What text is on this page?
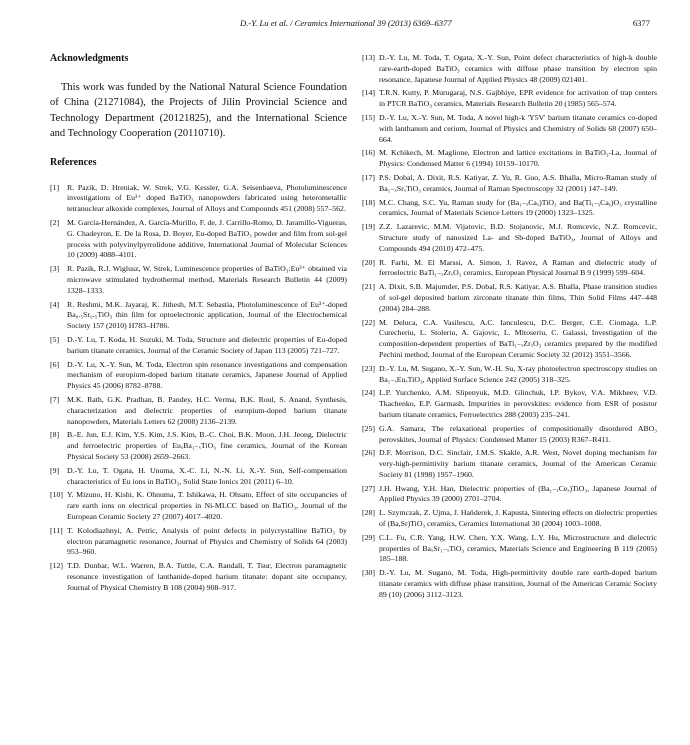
D.-Y. Lu et al. / Ceramics International 39 (2013) 6369–6377	6377
Acknowledgments

This work was funded by the National Natural Science Foundation of China (21271084), the Projects of Jilin Provincial Science and Technology Department (20121825), and the International Science and Technology Cooperation (20110710).

References
[1] R. Pazik, D. Hreniak, W. Strek, V.G. Kessler, G.A. Seisenbaeva, Photoluminescence investigations of Eu³⁺ doped BaTiO₃ nanopowders fabricated using heterometallic tetranuclear alkoxide complexes, Journal of Alloys and Compounds 451 (2008) 557–562.
[2] M. García-Hernández, A. García-Murillo, F. de, J. Carrillo-Romo, D. Jaramillo-Vigueras, G. Chadeyron, E. De la Rosa, D. Boyer, Eu-doped BaTiO₃ powder and film from sol-gel process with polyvinylpyrrolidone additive, International Journal of Molecular Sciences 10 (2009) 4088–4101.
[3] R. Pazik, R.J. Wiglusz, W. Strek, Luminescence properties of BaTiO₃:Eu³⁺ obtained via microwave stimulated hydrothermal method, Materials Research Bulletin 44 (2009) 1328–1333.
[4] R. Reshmi, M.K. Jayaraj, K. Jithesh, M.T. Sebastia, Photoluminescence of Eu³⁺-doped Ba₀.₅Sr₀.₅TiO₃ thin film for optoelectronic application, Journal of the Electrochemical Society 157 (2010) H783–H786.
[5] D.-Y. Lu, T. Koda, H. Suzuki, M. Toda, Structure and dielectric properties of Eu-doped barium titanate ceramics, Journal of the Ceramic Society of Japan 113 (2005) 721–727.
[6] D.-Y. Lu, X.-Y. Sun, M. Toda, Electron spin resonance investigations and compensation mechanism of europium-doped barium titanate ceramics, Japanese Journal of Applied Physics 45 (2006) 8782–8788.
[7] M.K. Rath, G.K. Pradhan, B. Pandey, H.C. Verma, B.K. Roul, S. Anand, Synthesis, characterization and dielectric properties of europium-doped barium titanate nanopowders, Materials Letters 62 (2008) 2136–2139.
[8] B.-E. Jun, E.J. Kim, Y.S. Kim, J.S. Kim, B.-C. Choi, B.K. Moon, J.H. Jeong, Dielectric and ferroelectric properties of EuₓBa₁₋ₓTiO₃ fine ceramics, Journal of the Korean Physical Society 53 (2008) 2659–2663.
[9] D.-Y. Lu, T. Ogata, H. Unuma, X.-C. Li, N.-N. Li, X.-Y. Sun, Self-compensation characteristics of Eu ions in BaTiO₃, Solid State Ionics 201 (2011) 6–10.
[10] Y. Mizuno, H. Kishi, K. Ohnuma, T. Ishikawa, H. Ohsato, Effect of site occupancies of rare earth ions on electrical properties in Ni-MLCC based on BaTiO₃, Journal of the European Ceramic Society 27 (2007) 4017–4020.
[11] T. Kolodiazhnyi, A. Petric, Analysis of point defects in polycrystalline BaTiO₃ by electron paramagnetic resonance, Journal of Physics and Chemistry of Solids 64 (2003) 953–960.
[12] T.D. Dunbar, W.L. Warren, B.A. Tuttle, C.A. Randall, T. Tsur, Electron paramagnetic resonance investigation of lanthanide-doped barium titanate: dopant site occupancy, Journal of Physical Chemistry B 108 (2004) 908–917.
[13] D.-Y. Lu, M. Toda, T. Ogata, X.-Y. Sun, Point defect characteristics of high-k double rare-earth-doped BaTiO₃ ceramics with diffuse phase transition by electron spin resonance, Japanese Journal of Applied Physics 48 (2009) 021401.
[14] T.R.N. Kutty, P. Murugaraj, N.S. Gajbhiye, EPR evidence for activation of trap centers in PTCR BaTiO₃ ceramics, Materials Research Bulletin 20 (1985) 565–574.
[15] D.-Y. Lu, X.-Y. Sun, M. Toda, A novel high-k 'Y5V' barium titanate ceramics co-doped with lanthanum and cerium, Journal of Physics and Chemistry of Solids 68 (2007) 650–664.
[16] M. Kchikech, M. Maglione, Electron and lattice excitations in BaTiO₃-La, Journal of Physics: Condensed Matter 6 (1994) 10159–10170.
[17] P.S. Dobal, A. Dixit, R.S. Katiyar, Z. Yu, R. Guo, A.S. Bhalla, Micro-Raman study of Ba₁₋ₓSrₓTiO₃ ceramics, Journal of Raman Spectroscopy 32 (2001) 147–149.
[18] M.C. Chang, S.C. Yu, Raman study for (Ba₁₋ₓCaₓ)TiO₃ and Ba(Ti₁₋ᵧCaᵧ)O₃ crystalline ceramics, Journal of Materials Science Letters 19 (2000) 1323–1325.
[19] Z.Z. Lazarevic, M.M. Vijatovic, B.D. Stojanovic, M.J. Romcevic, N.Z. Romcevic, Structure study of nanosized La- and Sb-doped BaTiO₃, Journal of Alloys and Compounds 494 (2010) 472–475.
[20] R. Farhi, M. El Marssi, A. Simon, J. Ravez, A Raman and dielectric study of ferroelectric BaTi₁₋ₓZrₓO₃ ceramics, European Physical Journal B 9 (1999) 599–604.
[21] A. Dixit, S.B. Majumder, P.S. Dobal, R.S. Katiyar, A.S. Bhalla, Phase transition studies of sol-gel deposited barium zirconate titanate thin films, Thin Solid Films 447–448 (2004) 284–288.
[22] M. Deluca, C.A. Vasilescu, A.C. Ianculescu, D.C. Berger, C.E. Ciomaga, L.P. Curecheriu, L. Stoleriu, A. Gajovic, L. Mitoseriu, C. Galassi, Investigation of the composition-dependent properties of BaTi₁₋ₓZrₓO₃ ceramics prepared by the modified Pechini method, Journal of the European Ceramic Society 32 (2012) 3551–3566.
[23] D.-Y. Lu, M. Sugano, X.-Y. Sun, W.-H. Su, X-ray photoelectron spectroscopy studies on Ba₁₋ₓEuₓTiO₃, Applied Surface Science 242 (2005) 318–325.
[24] L.P. Yurchenko, A.M. Slipenyuk, M.D. Glinchuk, I.P. Bykov, V.A. Mikheev, V.D. Tkachenko, E.P. Garmash, Impurities in perovskites: evidence from ESR of posistor barium titanate ceramics, Ferroelectrics 288 (2003) 235–241.
[25] G.A. Samara, The relaxational properties of compositionally disordered ABO₃ perovskites, Journal of Physics: Condensed Matter 15 (2003) R367–R411.
[26] D.F. Morrison, D.C. Sinclair, J.M.S. Skakle, A.R. West, Novel doping mechanism for very-high-permittivity barium titanate ceramics, Journal of the American Ceramic Society 81 (1998) 1957–1960.
[27] J.H. Hwang, Y.H. Han, Dielectric properties of (Ba₁₋ₓCeₓ)TiO₃, Japanese Journal of Applied Physics 39 (2000) 2701–2704.
[28] L. Szymczak, Z. Ujma, J. Hańderek, J. Kapusta, Sintering effects on dielectric properties of (Ba,Sr)TiO₃ ceramics, Ceramics International 30 (2004) 1003–1008.
[29] C.L. Fu, C.R. Yang, H.W. Chen, Y.X. Wang, L.Y. Hu, Microstructure and dielectric properties of BaₓSr₁₋ₓTiO₃ ceramics, Materials Science and Engineering B 119 (2005) 185–188.
[30] D.-Y. Lu, M. Sugano, M. Toda, High-permittivity double rare earth-doped barium titanate ceramics with diffuse phase transition, Journal of the American Ceramic Society 89 (10) (2006) 3112–3123.
